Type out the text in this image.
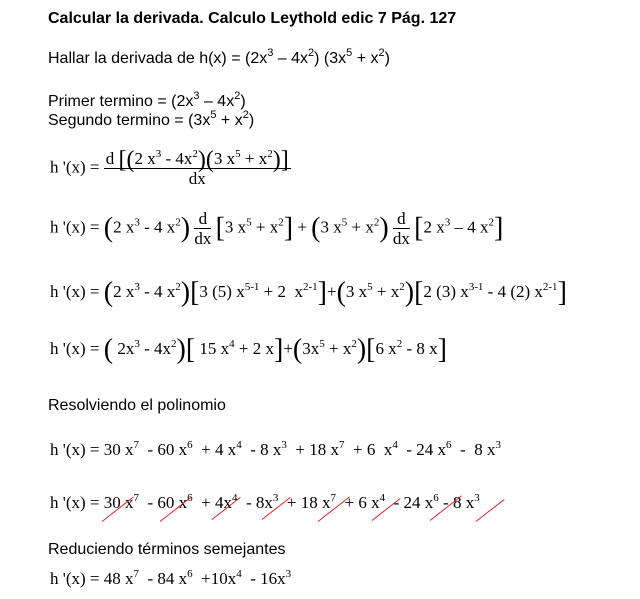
Calcular la derivada. Calculo Leythold edic 7 Pág. 127
Hallar la derivada de $h(x) = (2x^3 - 4x^2) (3x^5 + x^2)$
Primer $termino = (2x^3 - 4x^2)$
Segundo $termino = (3x^5 + x^2)$
h '$(x) = \frac{d [(2 x^3 - 4x^2)(3 x^5 + x^2)]}{dx}$
h '(x) = (2 $x^3 - 4$ $x^2) \frac{d}{dx} [3$ $x^5 + x^2] + (3$ $x^5 + x^2) \frac{d}{dx} [2$ $x^3 - 4$ $x^2$]
h '(x) = (2 $x^3 - 4$ $x^2)[3$ (5) $x^{5-1} + 2$  $x^{2-1}]+(3$ $x^5 + x^2)[2$ (3) $x^{3-1} - 4$ (2) $x^{2-1}$]
h '(x) = ( $2x^3 - 4x^2$)[ 15 $x^4 + 2$ $x]+(3x^5 + x^2)[6$ $x^2 - 8$ x]
Resolviendo el polinomio
h '(x) = 30 $x^7 - 60$ $x^6 + 4$ $x^4 - 8$ $x^3 + 18$ $x^7 + 6$  $x^4 - 24$ $x^6 - 8$ $x^3$
h '(x) = 30 $x^7 - 60$ $x^6 + 4x^4 - 8x^3 + 18$ $x^7 + 6$ $x^4 - 24$ $x^6 - 8$ $x^3$
Reduciendo términos semejantes
h '(x) = 48 $x^7 - 84$ $x^6 +10x^4 - 16x^3$
